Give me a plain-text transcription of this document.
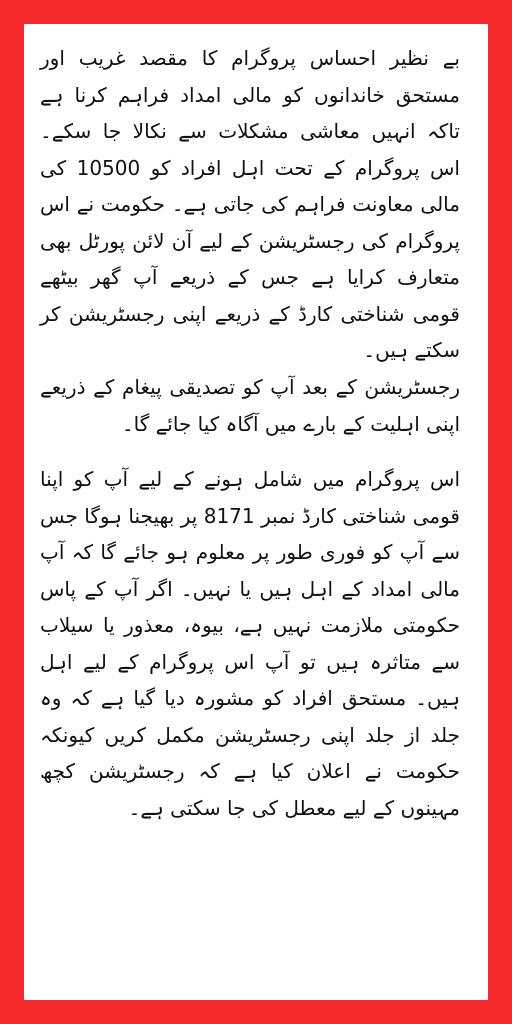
بے نظیر احساس پروگرام کا مقصد غریب اور مستحق خاندانوں کو مالی امداد فراہم کرنا ہے تاکہ انہیں معاشی مشکلات سے نکالا جا سکے۔ اس پروگرام کے تحت اہل افراد کو 10500 کی مالی معاونت فراہم کی جاتی ہے۔ حکومت نے اس پروگرام کی رجسٹریشن کے لیے آن لائن پورٹل بھی متعارف کرایا ہے جس کے ذریعے آپ گھر بیٹھے قومی شناختی کارڈ کے ذریعے اپنی رجسٹریشن کر سکتے ہیں۔

رجسٹریشن کے بعد آپ کو تصدیقی پیغام کے ذریعے اپنی اہلیت کے بارے میں آگاہ کیا جائے گا۔

اس پروگرام میں شامل ہونے کے لیے آپ کو اپنا قومی شناختی کارڈ نمبر 8171 پر بھیجنا ہوگا جس سے آپ کو فوری طور پر معلوم ہو جائے گا کہ آپ مالی امداد کے اہل ہیں یا نہیں۔ اگر آپ کے پاس حکومتی ملازمت نہیں ہے، بیوہ، معذور یا سیلاب سے متاثرہ ہیں تو آپ اس پروگرام کے لیے اہل ہیں۔ مستحق افراد کو مشورہ دیا گیا ہے کہ وہ جلد از جلد اپنی رجسٹریشن مکمل کریں کیونکہ حکومت نے اعلان کیا ہے کہ رجسٹریشن کچھ مہینوں کے لیے معطل کی جا سکتی ہے۔
